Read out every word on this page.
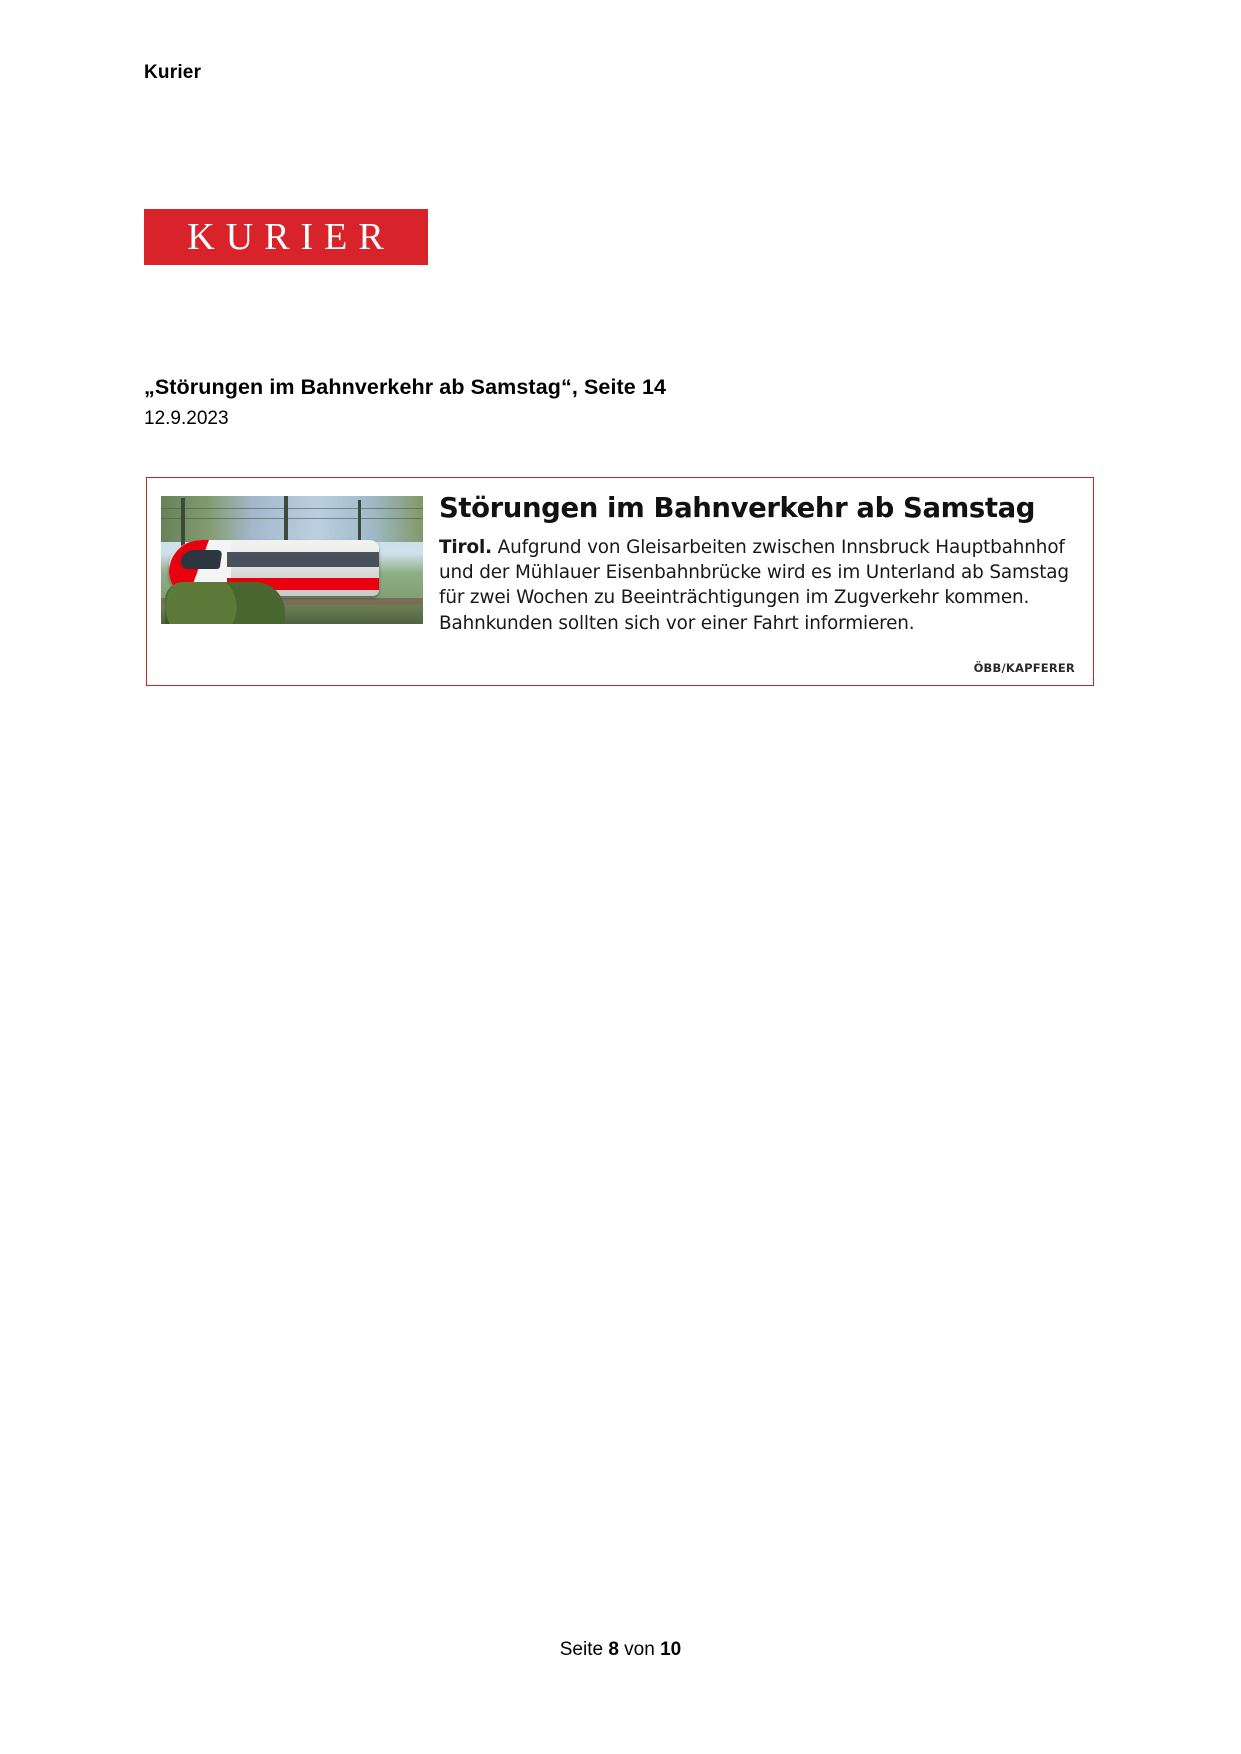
Kurier
KURIER
„Störungen im Bahnverkehr ab Samstag“, Seite 14
12.9.2023
Störungen im Bahnverkehr ab Samstag
Tirol. Aufgrund von Gleisarbeiten zwischen Innsbruck Hauptbahnhof und der Mühlauer Eisenbahnbrücke wird es im Unterland ab Samstag für zwei Wochen zu Beeinträchtigungen im Zugverkehr kommen. Bahnkunden sollten sich vor einer Fahrt informieren.
ÖBB/KAPFERER
Seite 8 von 10
